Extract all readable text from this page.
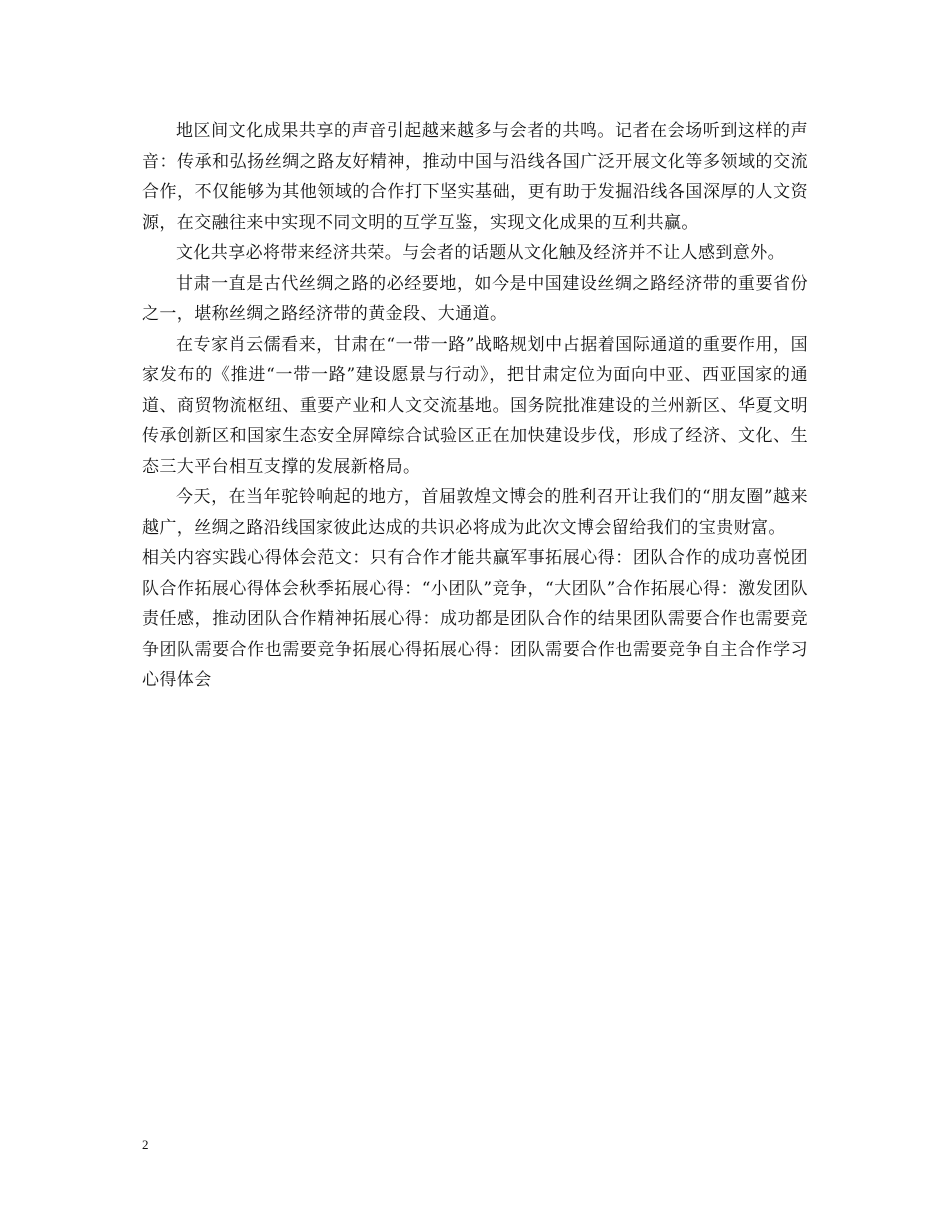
地区间文化成果共享的声音引起越来越多与会者的共鸣。记者在会场听到这样的声音：传承和弘扬丝绸之路友好精神，推动中国与沿线各国广泛开展文化等多领域的交流合作，不仅能够为其他领域的合作打下坚实基础，更有助于发掘沿线各国深厚的人文资源，在交融往来中实现不同文明的互学互鉴，实现文化成果的互利共赢。

文化共享必将带来经济共荣。与会者的话题从文化触及经济并不让人感到意外。

甘肃一直是古代丝绸之路的必经要地，如今是中国建设丝绸之路经济带的重要省份之一，堪称丝绸之路经济带的黄金段、大通道。

在专家肖云儒看来，甘肃在“一带一路”战略规划中占据着国际通道的重要作用，国家发布的《推进“一带一路”建设愿景与行动》，把甘肃定位为面向中亚、西亚国家的通道、商贸物流枢纽、重要产业和人文交流基地。国务院批准建设的兰州新区、华夏文明传承创新区和国家生态安全屏障综合试验区正在加快建设步伐，形成了经济、文化、生态三大平台相互支撑的发展新格局。

今天，在当年驼铃响起的地方，首届敦煌文博会的胜利召开让我们的“朋友圈”越来越广，丝绸之路沿线国家彼此达成的共识必将成为此次文博会留给我们的宝贵财富。

相关内容实践心得体会范文：只有合作才能共赢军事拓展心得：团队合作的成功喜悦团队合作拓展心得体会秋季拓展心得：“小团队”竞争，“大团队”合作拓展心得：激发团队责任感，推动团队合作精神拓展心得：成功都是团队合作的结果团队需要合作也需要竞争团队需要合作也需要竞争拓展心得拓展心得：团队需要合作也需要竞争自主合作学习心得体会

2
